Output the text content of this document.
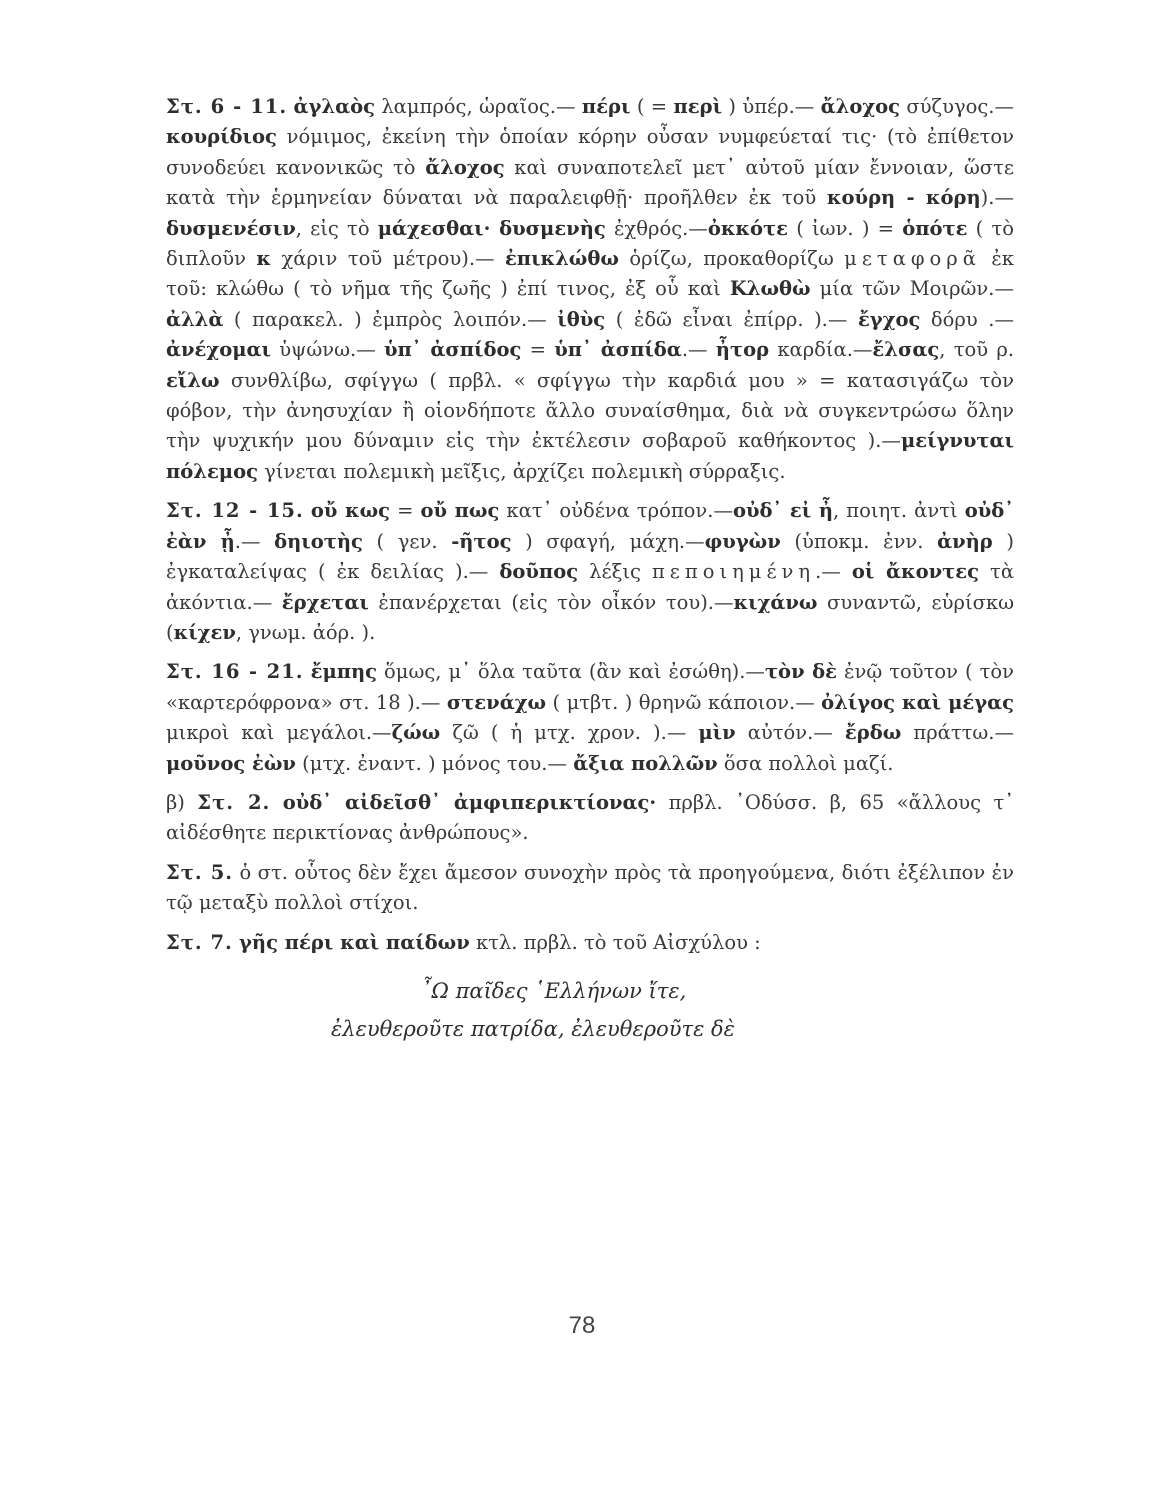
Στ. 6 - 11. ἀγλαὸς λαμπρός, ὡραῖος.— πέρι ( = περὶ ) ὑπέρ.— ἄλοχος σύζυγος.—κουρίδιος νόμιμος, ἐκείνη τὴν ὁποίαν κόρην οὖσαν νυμφεύεταί τις· (τὸ ἐπίθετον συνοδεύει κανονικῶς τὸ ἄλοχος καὶ συναποτελεῖ μετ᾽ αὐτοῦ μίαν ἔννοιαν, ὥστε κατὰ τὴν ἑρμηνείαν δύναται νὰ παραλειφθῇ· προῆλθεν ἐκ τοῦ κούρη - κόρη).— δυσμενέσιν, εἰς τὸ μάχεσθαι· δυσμενὴς ἐχθρός.—ὀκκότε ( ἰων. ) = ὁπότε ( τὸ διπλοῦν κ χάριν τοῦ μέτρου).— ἐπικλώθω ὁρίζω, προκαθορίζω μεταφορᾶ ἐκ τοῦ: κλώθω ( τὸ νῆμα τῆς ζωῆς ) ἐπί τινος, ἐξ οὗ καὶ Κλωθὼ μία τῶν Μοιρῶν.— ἀλλὰ ( παρακελ. ) ἐμπρὸς λοιπόν.— ἰθὺς ( ἐδῶ εἶναι ἐπίρρ. ).— ἔγχος δόρυ .— ἀνέχομαι ὑψώνω.— ὑπ᾽ ἀσπίδος = ὑπ᾽ ἀσπίδα.— ἦτορ καρδία.—ἔλσας, τοῦ ρ. εἴλω συνθλίβω, σφίγγω ( πρβλ. « σφίγγω τὴν καρδιά μου » = κατασιγάζω τὸν φόβον, τὴν ἀνησυχίαν ἢ οἱονδήποτε ἄλλο συναίσθημα, διὰ νὰ συγκεντρώσω ὅλην τὴν ψυχικήν μου δύναμιν εἰς τὴν ἐκτέλεσιν σοβαροῦ καθήκοντος ).—μείγνυται πόλεμος γίνεται πολεμικὴ μεῖξις, ἀρχίζει πολεμικὴ σύρραξις.

Στ. 12 - 15. οὔ κως = οὔ πως κατ᾽ οὐδένα τρόπον.—οὐδ᾽ εἰ ἦ, ποιητ. ἀντὶ οὐδ᾽ ἐὰν ᾖ.— δηιοτὴς ( γεν. -ῆτος ) σφαγή, μάχη.—φυγὼν (ὑποκμ. ἐνν. ἀνὴρ ) ἐγκαταλείψας ( ἐκ δειλίας ).— δοῦπος λέξις πεποιημένη.— οἱ ἄκοντες τὰ ἀκόντια.— ἔρχεται ἐπανέρχεται (εἰς τὸν οἶκόν του).—κιχάνω συναντῶ, εὑρίσκω (κίχεν, γνωμ. ἀόρ. ).

Στ. 16 - 21. ἔμπης ὅμως, μ᾽ ὅλα ταῦτα (ἂν καὶ ἐσώθη).—τὸν δὲ ἐνῷ τοῦτον ( τὸν «καρτερόφρονα» στ. 18 ).— στενάχω ( μτβτ. ) θρηνῶ κάποιον.— ὀλίγος καὶ μέγας μικροὶ καὶ μεγάλοι.—ζώω ζῶ ( ἡ μτχ. χρον. ).— μὶν αὐτόν.— ἔρδω πράττω.— μοῦνος ἐὼν (μτχ. ἐναντ. ) μόνος του.— ἄξια πολλῶν ὅσα πολλοὶ μαζί.

β) Στ. 2. οὐδ᾽ αἰδεῖσθ᾽ ἀμφιπερικτίονας· πρβλ. ᾿Οδύσσ. β, 65 «ἄλλους τ᾽ αἰδέσθητε περικτίονας ἀνθρώπους».

Στ. 5. ὁ στ. οὗτος δὲν ἔχει ἄμεσον συνοχὴν πρὸς τὰ προηγούμενα, διότι ἐξέλιπον ἐν τῷ μεταξὺ πολλοὶ στίχοι.

Στ. 7. γῆς πέρι καὶ παίδων κτλ. πρβλ. τὸ τοῦ Αἰσχύλου :

῏Ω παῖδες ῾Ελλήνων ἴτε,
ἐλευθεροῦτε πατρίδα, ἐλευθεροῦτε δὲ
78
